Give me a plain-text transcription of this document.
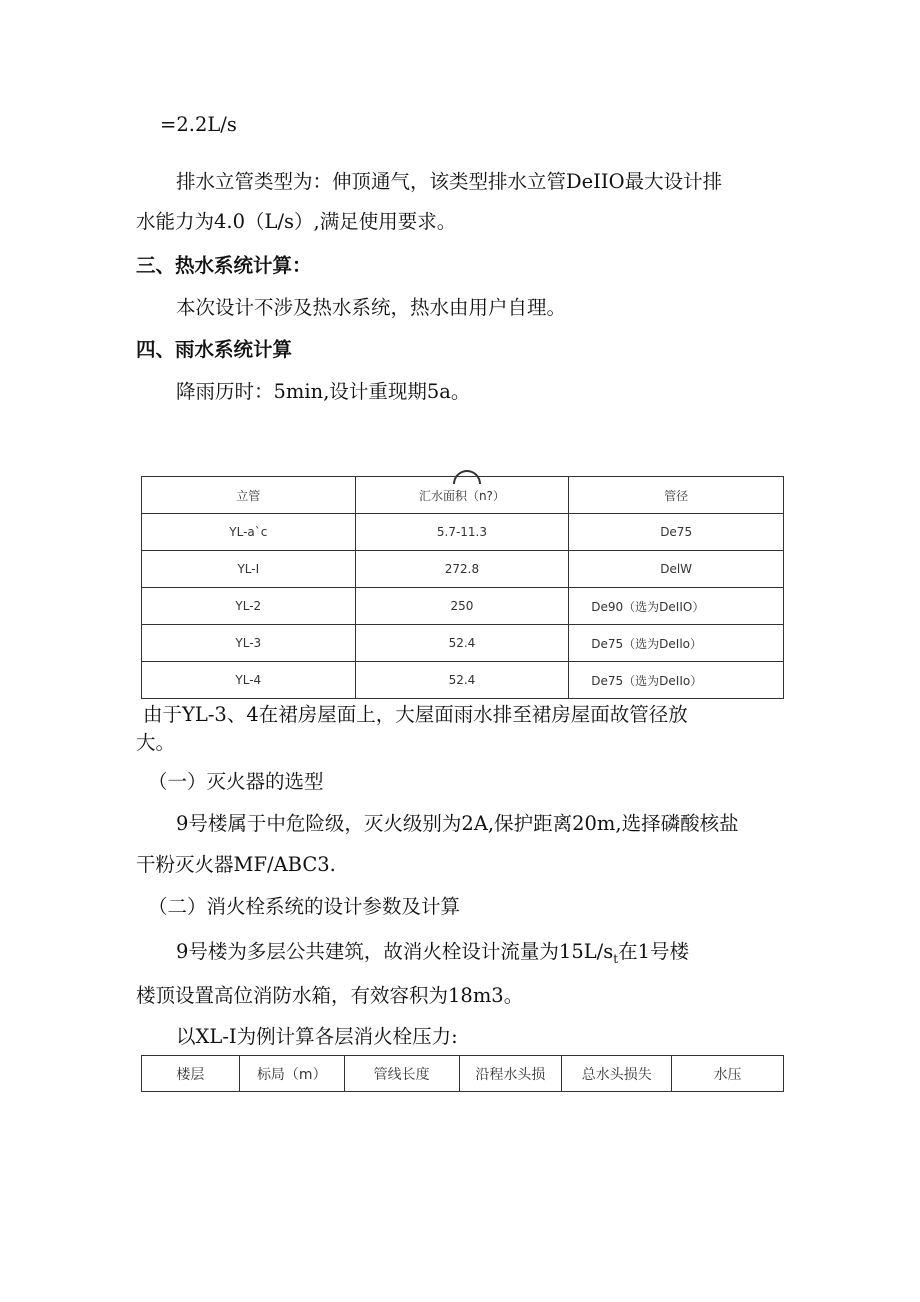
=2.2L/s
排水立管类型为：伸顶通气，该类型排水立管DeIIO最大设计排
水能力为4.0（L/s）,满足使用要求。
三、热水系统计算：
本次设计不涉及热水系统，热水由用户自理。
四、雨水系统计算
降雨历时：5min,设计重现期5a。
立管	汇水面积（n?）	管径
YL-a`c	5.7-11.3	De75
YL-I	272.8	DelW
YL-2	250	De90（选为DeIIO）
YL-3	52.4	De75（选为DeIlo）
YL-4	52.4	De75（选为DeIIo）
由于YL-3、4在裙房屋面上，大屋面雨水排至裙房屋面故管径放
大。
（一）灭火器的选型
9号楼属于中危险级，灭火级别为2A,保护距离20m,选择磷酸核盐
干粉灭火器MF/ABC3.
（二）消火栓系统的设计参数及计算
9号楼为多层公共建筑，故消火栓设计流量为$15L/s_t$在1号楼
楼顶设置高位消防水箱，有效容积为18m3。
以XL-I为例计算各层消火栓压力:
楼层	标局（m）	管线长度	沿程水头损	总水头损失	水压
